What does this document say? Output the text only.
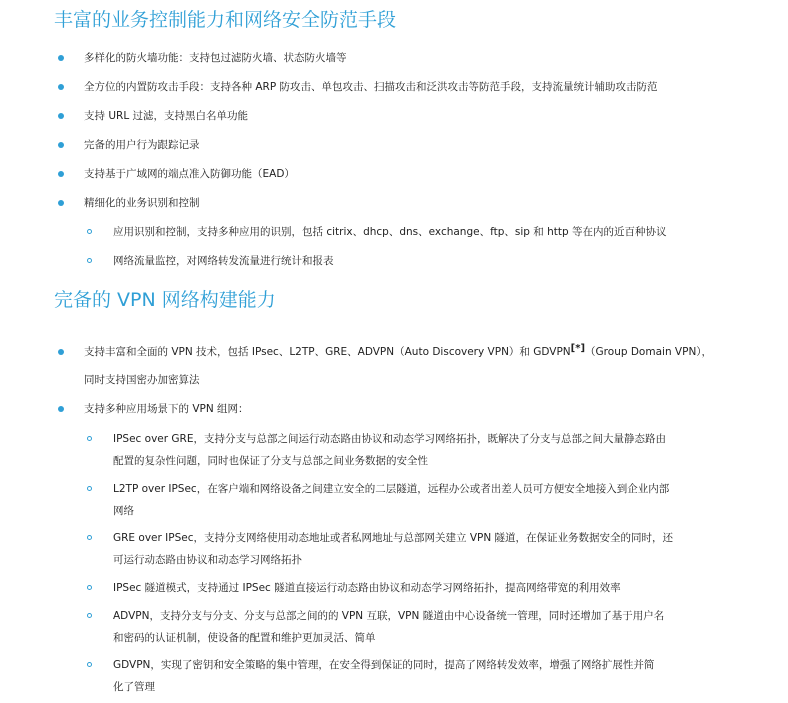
丰富的业务控制能力和网络安全防范手段
多样化的防火墙功能：支持包过滤防火墙、状态防火墙等
全方位的内置防攻击手段：支持各种 ARP 防攻击、单包攻击、扫描攻击和泛洪攻击等防范手段，支持流量统计辅助攻击防范
支持 URL 过滤，支持黑白名单功能
完备的用户行为跟踪记录
支持基于广域网的端点准入防御功能（EAD）
精细化的业务识别和控制
应用识别和控制，支持多种应用的识别，包括 citrix、dhcp、dns、exchange、ftp、sip 和 http 等在内的近百种协议
网络流量监控，对网络转发流量进行统计和报表
完备的 VPN 网络构建能力
支持丰富和全面的 VPN 技术，包括 IPsec、L2TP、GRE、ADVPN（Auto Discovery VPN）和 GDVPN[*]（Group Domain VPN），
同时支持国密办加密算法
支持多种应用场景下的 VPN 组网：
IPSec over GRE，支持分支与总部之间运行动态路由协议和动态学习网络拓扑，既解决了分支与总部之间大量静态路由
配置的复杂性问题，同时也保证了分支与总部之间业务数据的安全性
L2TP over IPSec，在客户端和网络设备之间建立安全的二层隧道，远程办公或者出差人员可方便安全地接入到企业内部
网络
GRE over IPSec，支持分支网络使用动态地址或者私网地址与总部网关建立 VPN 隧道，在保证业务数据安全的同时，还
可运行动态路由协议和动态学习网络拓扑
IPSec 隧道模式，支持通过 IPSec 隧道直接运行动态路由协议和动态学习网络拓扑，提高网络带宽的利用效率
ADVPN，支持分支与分支、分支与总部之间的的 VPN 互联，VPN 隧道由中心设备统一管理，同时还增加了基于用户名
和密码的认证机制，使设备的配置和维护更加灵活、简单
GDVPN，实现了密钥和安全策略的集中管理，在安全得到保证的同时，提高了网络转发效率，增强了网络扩展性并简
化了管理
